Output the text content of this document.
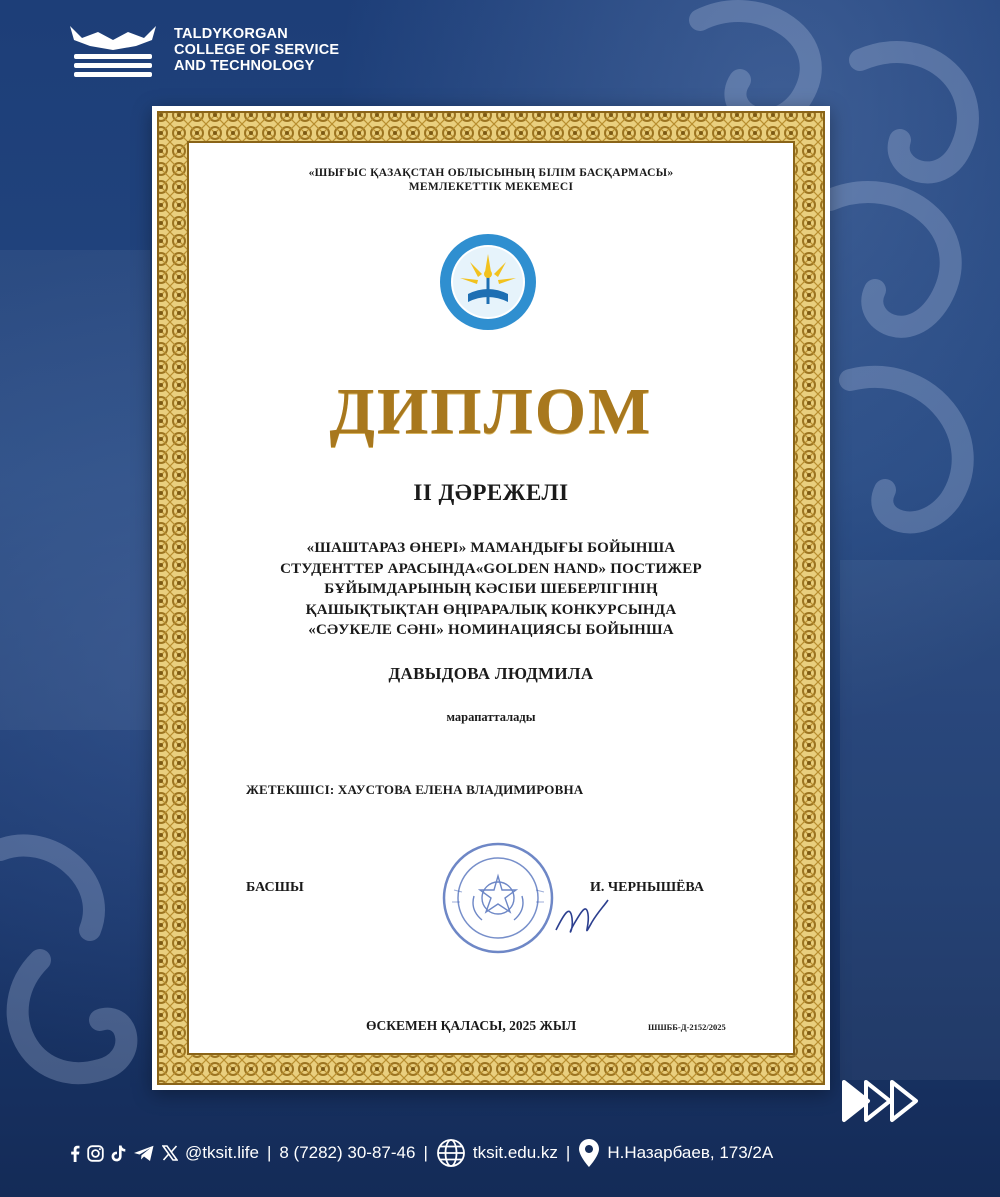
TALDYKORGAN
COLLEGE OF SERVICE
AND TECHNOLOGY
«ШЫҒЫС ҚАЗАҚСТАН ОБЛЫСЫНЫҢ БІЛІМ БАСҚАРМАСЫ»
МЕМЛЕКЕТТІК МЕКЕМЕСІ
ДИПЛОМ
II ДӘРЕЖЕЛІ
«ШАШТАРАЗ ӨНЕРІ» МАМАНДЫҒЫ БОЙЫНША
СТУДЕНТТЕР АРАСЫНДА«GOLDEN HAND» ПОСТИЖЕР
БҰЙЫМДАРЫНЫҢ КӘСІБИ ШЕБЕРЛІГІНІҢ
ҚАШЫҚТЫҚТАН ӨҢІРАРАЛЫҚ КОНКУРСЫНДА
«СӘУКЕЛЕ СӘНІ» НОМИНАЦИЯСЫ БОЙЫНША
ДАВЫДОВА ЛЮДМИЛА
марапатталады
ЖЕТЕКШІСІ: ХАУСТОВА ЕЛЕНА ВЛАДИМИРОВНА
БАСШЫ	И. ЧЕРНЫШЁВА
ӨСКЕМЕН ҚАЛАСЫ, 2025 ЖЫЛ	ШШББ-Д-2152/2025
@tksit.life | 8 (7282) 30-87-46 |	tksit.edu.kz | Н.Назарбаев, 173/2А
